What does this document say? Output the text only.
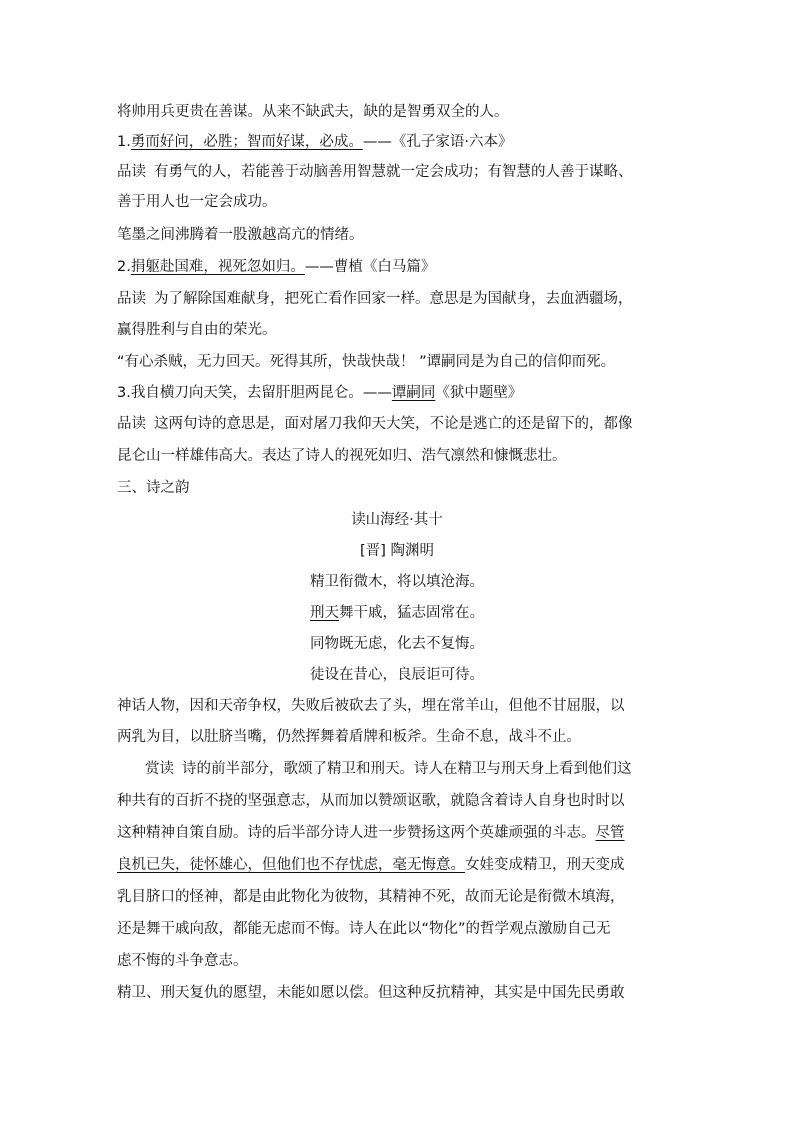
将帅用兵更贵在善谋。从来不缺武夫，缺的是智勇双全的人。
1.勇而好问，必胜；智而好谋，必成。——《孔子家语·六本》
品读 有勇气的人，若能善于动脑善用智慧就一定会成功；有智慧的人善于谋略、
善于用人也一定会成功。
笔墨之间沸腾着一股激越高亢的情绪。
2.捐躯赴国难，视死忽如归。——曹植《白马篇》
品读 为了解除国难献身，把死亡看作回家一样。意思是为国献身，去血洒疆场，
赢得胜利与自由的荣光。
“有心杀贼，无力回天。死得其所，快哉快哉！ ”谭嗣同是为自己的信仰而死。
3.我自横刀向天笑，去留肝胆两昆仑。——谭嗣同《狱中题壁》
品读 这两句诗的意思是，面对屠刀我仰天大笑，不论是逃亡的还是留下的，都像
昆仑山一样雄伟高大。表达了诗人的视死如归、浩气凛然和慷慨悲壮。
三、诗之韵
读山海经·其十
[晋] 陶渊明
精卫衔微木，将以填沧海。
刑天舞干戚，猛志固常在。
同物既无虑，化去不复悔。
徒设在昔心，良辰讵可待。
神话人物，因和天帝争权，失败后被砍去了头，埋在常羊山，但他不甘屈服，以
两乳为目，以肚脐当嘴，仍然挥舞着盾牌和板斧。生命不息，战斗不止。
赏读 诗的前半部分，歌颂了精卫和刑天。诗人在精卫与刑天身上看到他们这
种共有的百折不挠的坚强意志，从而加以赞颂讴歌，就隐含着诗人自身也时时以
这种精神自策自励。诗的后半部分诗人进一步赞扬这两个英雄顽强的斗志。尽管
良机已失，徒怀雄心，但他们也不存忧虑，毫无悔意。女娃变成精卫，刑天变成
乳目脐口的怪神，都是由此物化为彼物，其精神不死，故而无论是衔微木填海，
还是舞干戚向敌，都能无虑而不悔。诗人在此以“物化”的哲学观点激励自己无
虑不悔的斗争意志。
精卫、刑天复仇的愿望，未能如愿以偿。但这种反抗精神，其实是中国先民勇敢
